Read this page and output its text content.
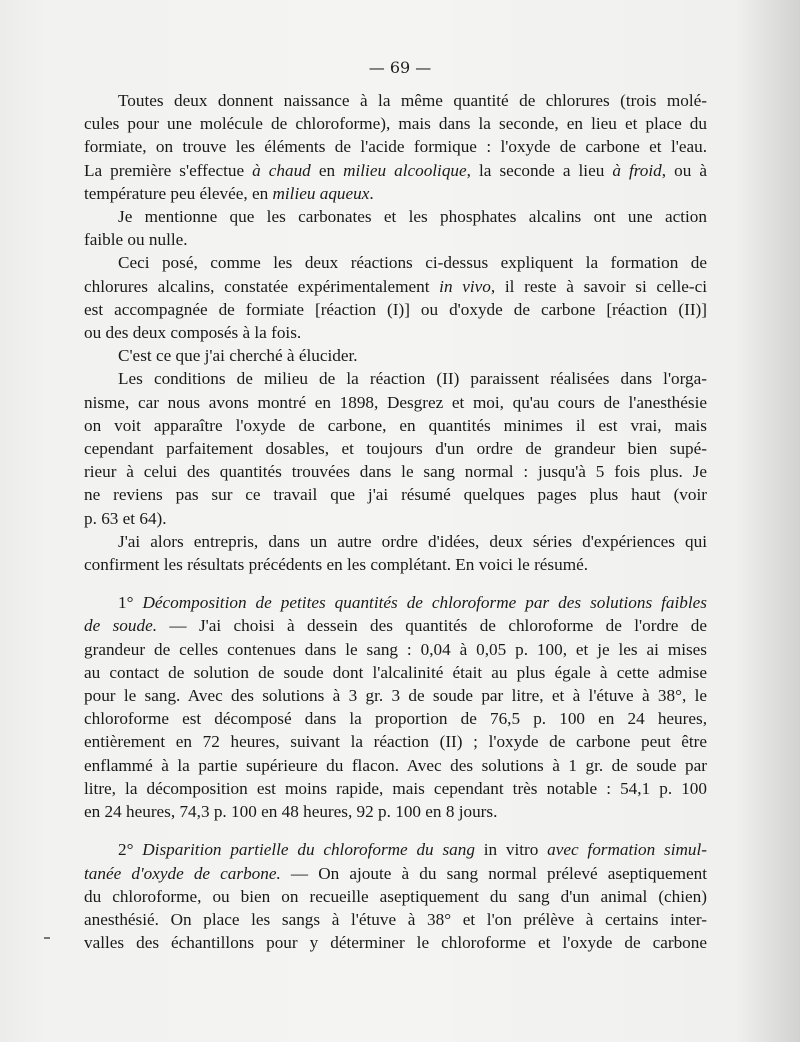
— 69 —
Toutes deux donnent naissance à la même quantité de chlorures (trois molé-
cules pour une molécule de chloroforme), mais dans la seconde, en lieu et place du
formiate, on trouve les éléments de l'acide formique : l'oxyde de carbone et l'eau.
La première s'effectue à chaud en milieu alcoolique, la seconde a lieu à froid, ou à
température peu élevée, en milieu aqueux.
Je mentionne que les carbonates et les phosphates alcalins ont une action
faible ou nulle.
Ceci posé, comme les deux réactions ci-dessus expliquent la formation de
chlorures alcalins, constatée expérimentalement in vivo, il reste à savoir si celle-ci
est accompagnée de formiate [réaction (I)] ou d'oxyde de carbone [réaction (II)]
ou des deux composés à la fois.
C'est ce que j'ai cherché à élucider.
Les conditions de milieu de la réaction (II) paraissent réalisées dans l'orga-
nisme, car nous avons montré en 1898, Desgrez et moi, qu'au cours de l'anesthésie
on voit apparaître l'oxyde de carbone, en quantités minimes il est vrai, mais
cependant parfaitement dosables, et toujours d'un ordre de grandeur bien supé-
rieur à celui des quantités trouvées dans le sang normal : jusqu'à 5 fois plus. Je
ne reviens pas sur ce travail que j'ai résumé quelques pages plus haut (voir
p. 63 et 64).
J'ai alors entrepris, dans un autre ordre d'idées, deux séries d'expériences qui
confirment les résultats précédents en les complétant. En voici le résumé.
1° Décomposition de petites quantités de chloroforme par des solutions faibles
de soude. — J'ai choisi à dessein des quantités de chloroforme de l'ordre de
grandeur de celles contenues dans le sang : 0,04 à 0,05 p. 100, et je les ai mises
au contact de solution de soude dont l'alcalinité était au plus égale à cette admise
pour le sang. Avec des solutions à 3 gr. 3 de soude par litre, et à l'étuve à 38°, le
chloroforme est décomposé dans la proportion de 76,5 p. 100 en 24 heures,
entièrement en 72 heures, suivant la réaction (II) ; l'oxyde de carbone peut être
enflammé à la partie supérieure du flacon. Avec des solutions à 1 gr. de soude par
litre, la décomposition est moins rapide, mais cependant très notable : 54,1 p. 100
en 24 heures, 74,3 p. 100 en 48 heures, 92 p. 100 en 8 jours.
2° Disparition partielle du chloroforme du sang in vitro avec formation simul-
tanée d'oxyde de carbone. — On ajoute à du sang normal prélevé aseptiquement
du chloroforme, ou bien on recueille aseptiquement du sang d'un animal (chien)
anesthésié. On place les sangs à l'étuve à 38° et l'on prélève à certains inter-
valles des échantillons pour y déterminer le chloroforme et l'oxyde de carbone
